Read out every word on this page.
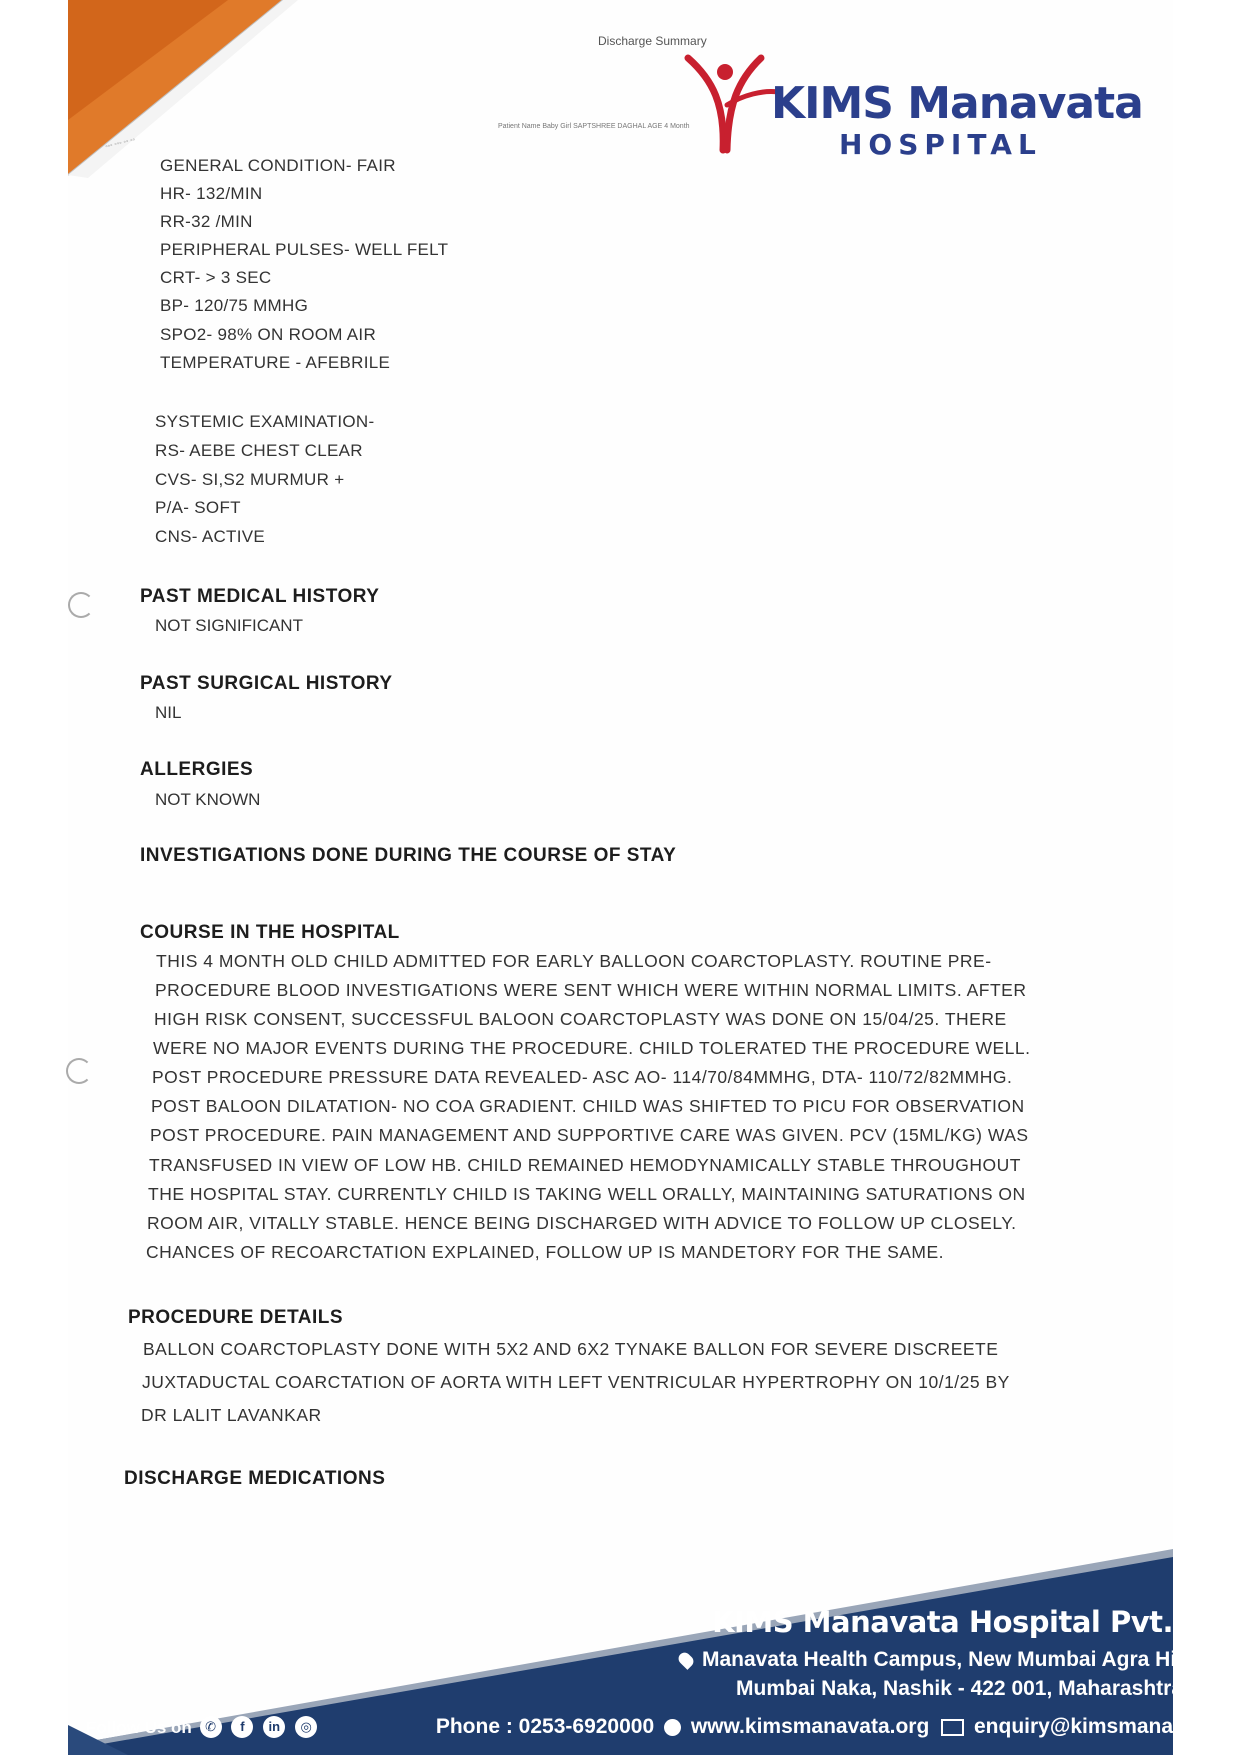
◦◦◦ ◦◦◦ ◦◦ ◦◦
Discharge Summary
KIMS Manavata
HOSPITAL
Patient Name Baby Girl SAPTSHREE DAGHAL AGE 4 Month
GENERAL CONDITION- FAIR
HR- 132/MIN
RR-32 /MIN
PERIPHERAL PULSES- WELL FELT
CRT- > 3 SEC
BP- 120/75 MMHG
SPO2- 98% ON ROOM AIR
TEMPERATURE - AFEBRILE
SYSTEMIC EXAMINATION-
RS- AEBE CHEST CLEAR
CVS- SI,S2 MURMUR +
P/A- SOFT
CNS- ACTIVE
PAST MEDICAL HISTORY
NOT SIGNIFICANT
PAST SURGICAL HISTORY
NIL
ALLERGIES
NOT KNOWN
INVESTIGATIONS DONE DURING THE COURSE OF STAY
COURSE IN THE HOSPITAL
THIS 4 MONTH OLD CHILD ADMITTED FOR EARLY BALLOON COARCTOPLASTY. ROUTINE PRE-
PROCEDURE BLOOD INVESTIGATIONS WERE SENT WHICH WERE WITHIN NORMAL LIMITS. AFTER
HIGH RISK CONSENT, SUCCESSFUL BALOON COARCTOPLASTY WAS DONE ON 15/04/25. THERE
WERE NO MAJOR EVENTS DURING THE PROCEDURE. CHILD TOLERATED THE PROCEDURE WELL.
POST PROCEDURE PRESSURE DATA REVEALED- ASC AO- 114/70/84MMHG, DTA- 110/72/82MMHG.
POST BALOON DILATATION- NO COA GRADIENT. CHILD WAS SHIFTED TO PICU FOR OBSERVATION
POST PROCEDURE. PAIN MANAGEMENT AND SUPPORTIVE CARE WAS GIVEN. PCV (15ML/KG) WAS
TRANSFUSED IN VIEW OF LOW HB. CHILD REMAINED HEMODYNAMICALLY STABLE THROUGHOUT
THE HOSPITAL STAY. CURRENTLY CHILD IS TAKING WELL ORALLY, MAINTAINING SATURATIONS ON
ROOM AIR, VITALLY STABLE. HENCE BEING DISCHARGED WITH ADVICE TO FOLLOW UP CLOSELY.
CHANCES OF RECOARCTATION EXPLAINED, FOLLOW UP IS MANDETORY FOR THE SAME.
PROCEDURE DETAILS
BALLON COARCTOPLASTY DONE WITH 5X2 AND 6X2 TYNAKE BALLON FOR SEVERE DISCREETE
JUXTADUCTAL COARCTATION OF AORTA WITH LEFT VENTRICULAR HYPERTROPHY ON 10/1/25 BY
DR LALIT LAVANKAR
DISCHARGE MEDICATIONS
KIMS Manavata Hospital Pvt.
Manavata Health Campus, New Mumbai Agra Hi
Mumbai Naka, Nashik - 422 001, Maharashtra
Follow Us on ✆ f in ◎	Phone : 0253-6920000 www.kimsmanavata.org enquiry@kimsmanav
